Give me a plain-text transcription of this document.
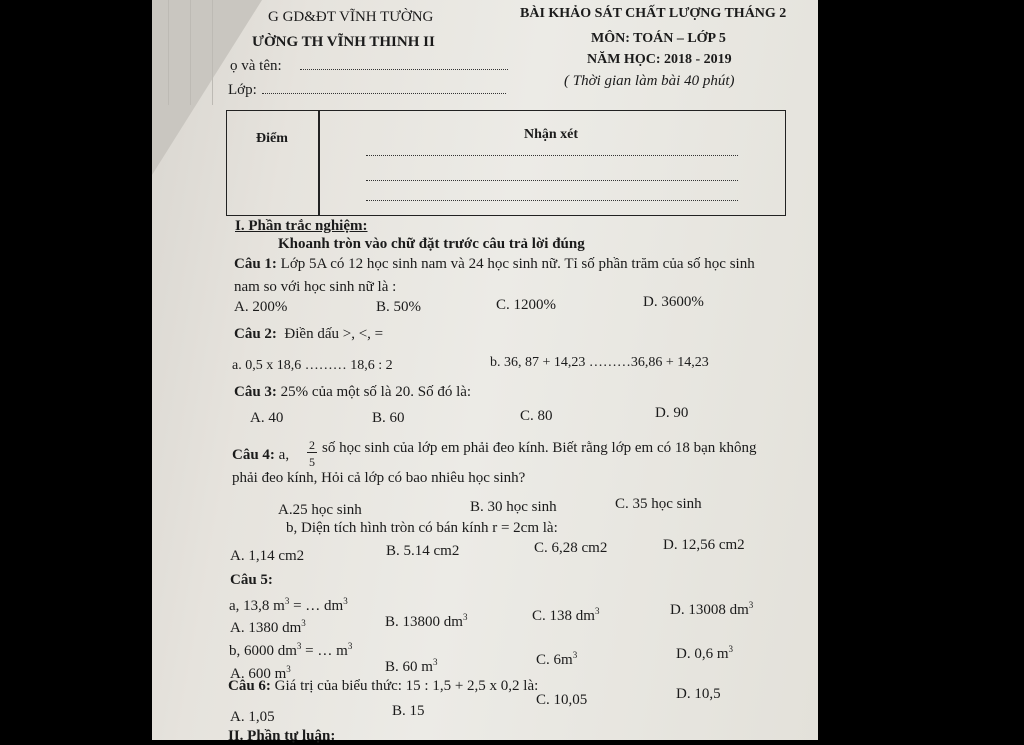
G GD&ĐT VĨNH TƯỜNG
ƯỜNG TH VĨNH THINH II
ọ và tên:
Lớp:
BÀI KHẢO SÁT CHẤT LƯỢNG THÁNG 2
MÔN: TOÁN – LỚP 5
NĂM HỌC: 2018 - 2019
( Thời gian làm bài 40 phút)
Điểm	Nhận xét
I. Phần trắc nghiệm:
Khoanh tròn vào chữ đặt trước câu trả lời đúng
Câu 1: Lớp 5A có 12 học sinh nam và 24 học sinh nữ. Tỉ số phần trăm của số học sinh
nam so với học sinh nữ là :
A. 200%	B. 50%	C. 1200%	D. 3600%
Câu 2: Điền dấu >, <, =
a. 0,5 x 18,6 ……… 18,6 : 2	b. 36, 87 + 14,23 ………36,86 + 14,23
Câu 3: 25% của một số là 20. Số đó là:
A. 40	B. 60	C. 80	D. 90
Câu 4: a,
2
5
số học sinh của lớp em phải đeo kính. Biết rằng lớp em có 18 bạn không
phải đeo kính, Hỏi cả lớp có bao nhiêu học sinh?
A.25 học sinh	B. 30 học sinh	C. 35 học sinh
b, Diện tích hình tròn có bán kính r = 2cm là:
A. 1,14 cm2	B. 5.14 cm2	C. 6,28 cm2	D. 12,56 cm2
Câu 5:
a, 13,8 $m^3$ = … $dm^3$
A. 1380 $dm^3$	B. 13800 $dm^3$	C. 138 $dm^3$	D. 13008 $dm^3$
b, 6000 $dm^3$ = … $m^3$
A. 600 $m^3$	B. 60 $m^3$	C. $6m^3$	D. 0,6 $m^3$
Câu 6: Giá trị của biểu thức: 15 : 1,5 + 2,5 x 0,2 là:
A. 1,05	B. 15
C. 10,05	D. 10,5
II. Phần tự luận:
